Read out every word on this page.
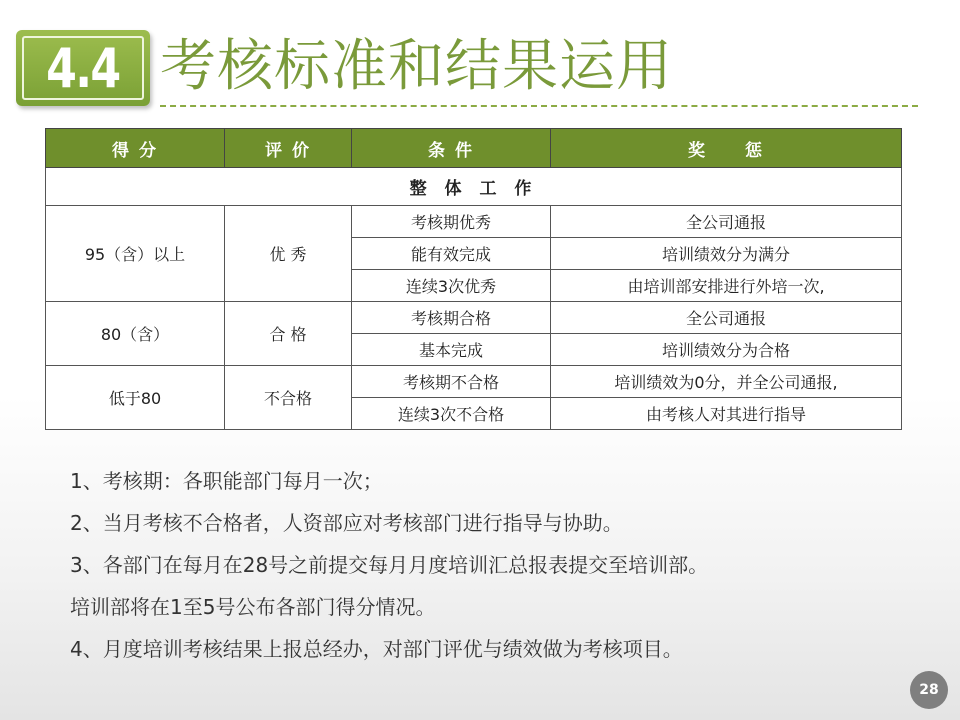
4.4 考核标准和结果运用
得 分	评 价	条 件	奖　　惩
整 体 工 作			
95（含）以上	优 秀	考核期优秀	全公司通报
		能有效完成	培训绩效分为满分
		连续3次优秀	由培训部安排进行外培一次,
80（含）	合 格	考核期合格	全公司通报
		基本完成	培训绩效分为合格
低于80	不合格	考核期不合格	培训绩效为0分，并全公司通报,
		连续3次不合格	由考核人对其进行指导

1、考核期：各职能部门每月一次；

2、当月考核不合格者，人资部应对考核部门进行指导与协助。

3、各部门在每月在28号之前提交每月月度培训汇总报表提交至培训部。

培训部将在1至5号公布各部门得分情况。

4、月度培训考核结果上报总经办，对部门评优与绩效做为考核项目。

28
